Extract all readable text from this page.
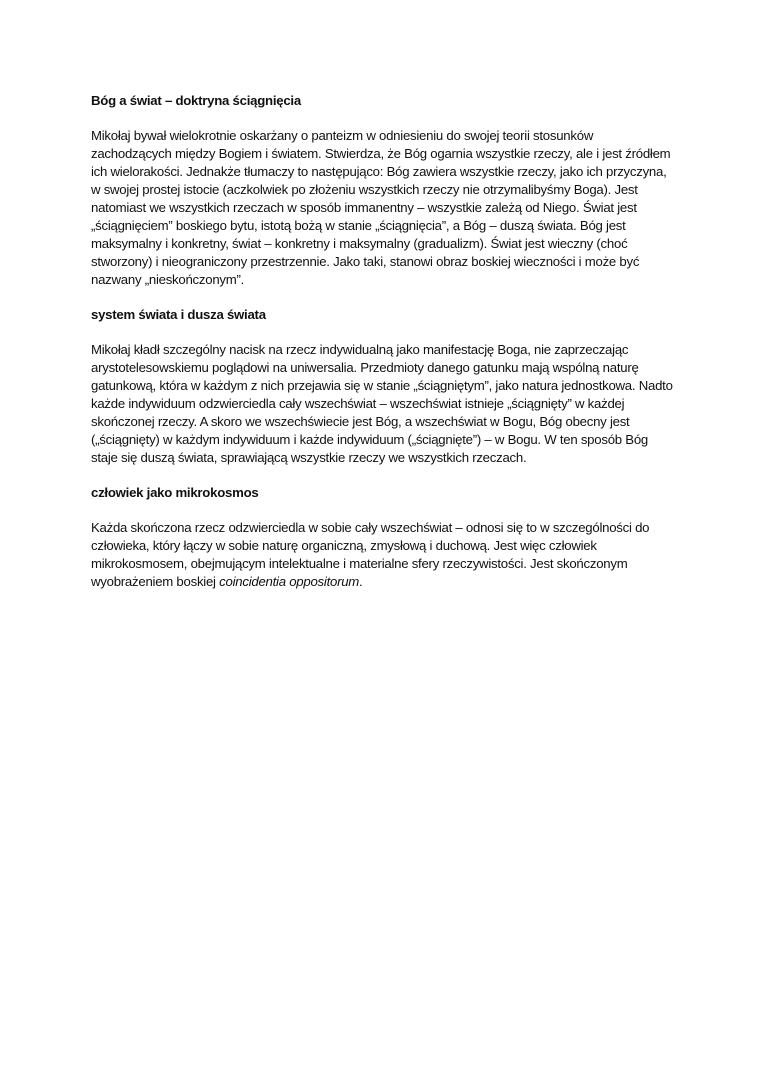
Bóg a świat – doktryna ściągnięcia
Mikołaj bywał wielokrotnie oskarżany o panteizm w odniesieniu do swojej teorii stosunków
zachodzących między Bogiem i światem. Stwierdza, że Bóg ogarnia wszystkie rzeczy, ale i jest źródłem
ich wielorakości. Jednakże tłumaczy to następująco: Bóg zawiera wszystkie rzeczy, jako ich przyczyna,
w swojej prostej istocie (aczkolwiek po złożeniu wszystkich rzeczy nie otrzymalibyśmy Boga). Jest
natomiast we wszystkich rzeczach w sposób immanentny – wszystkie zależą od Niego. Świat jest
„ściągnięciem” boskiego bytu, istotą bożą w stanie „ściągnięcia”, a Bóg – duszą świata. Bóg jest
maksymalny i konkretny, świat – konkretny i maksymalny (gradualizm). Świat jest wieczny (choć
stworzony) i nieograniczony przestrzennie. Jako taki, stanowi obraz boskiej wieczności i może być
nazwany „nieskończonym”.
system świata i dusza świata
Mikołaj kładł szczególny nacisk na rzecz indywidualną jako manifestację Boga, nie zaprzeczając
arystotelesowskiemu poglądowi na uniwersalia. Przedmioty danego gatunku mają wspólną naturę
gatunkową, która w każdym z nich przejawia się w stanie „ściągniętym”, jako natura jednostkowa. Nadto
każde indywiduum odzwierciedla cały wszechświat – wszechświat istnieje „ściągnięty” w każdej
skończonej rzeczy. A skoro we wszechświecie jest Bóg, a wszechświat w Bogu, Bóg obecny jest
(„ściągnięty) w każdym indywiduum i każde indywiduum („ściągnięte”) – w Bogu. W ten sposób Bóg
staje się duszą świata, sprawiającą wszystkie rzeczy we wszystkich rzeczach.
człowiek jako mikrokosmos
Każda skończona rzecz odzwierciedla w sobie cały wszechświat – odnosi się to w szczególności do
człowieka, który łączy w sobie naturę organiczną, zmysłową i duchową. Jest więc człowiek
mikrokosmosem, obejmującym intelektualne i materialne sfery rzeczywistości. Jest skończonym
wyobrażeniem boskiej coincidentia oppositorum.
